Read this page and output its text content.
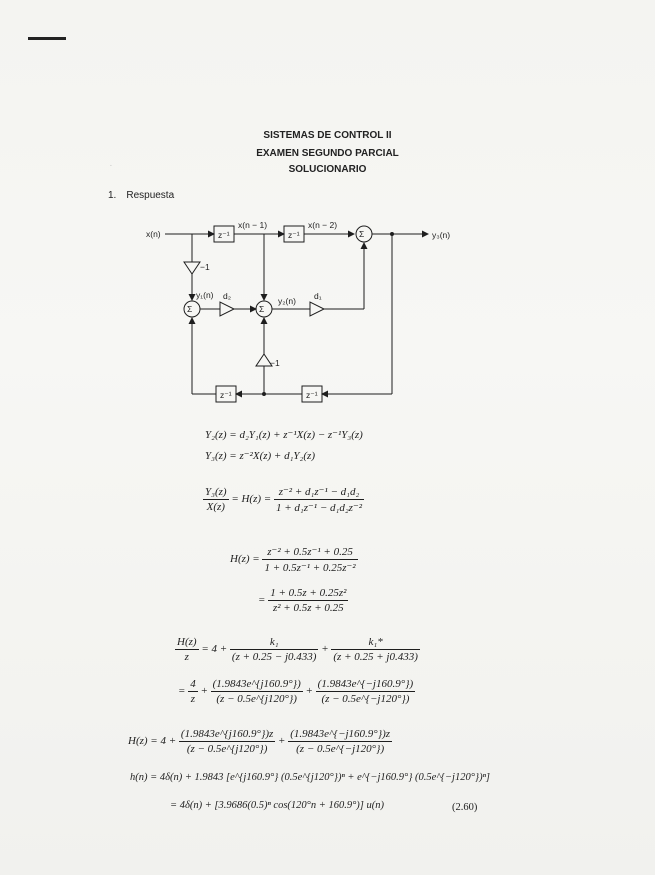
.
SISTEMAS DE CONTROL II
EXAMEN SEGUNDO PARCIAL
SOLUCIONARIO
1. Respuesta
x(n)	z⁻¹
x(n − 1)
z⁻¹
x(n − 2)
Σ	y₃(n)
−1
y₁(n) d₂
Σ	Σ
y₂(n) d₁
−1
z⁻¹
z⁻¹
Y₂(z) = d₂Y₁(z) + z⁻¹X(z) − z⁻¹Y₃(z)
Y₃(z) = z⁻²X(z) + d₁Y₂(z)
$\frac{\text{Y₃(z)}}{X(z)} = H(z) = \frac{\text{z⁻² + d₁z⁻¹ − d₁d₂}}{\text{1 + d₁z⁻¹ − d₁d₂z⁻²}}$
$H(z) = \frac{\text{z⁻² + 0.5z⁻¹ + 0.25}}{\text{1 + 0.5z⁻¹ + 0.25z⁻²}}$
= $\frac{\text{1 + 0.5z + 0.25z²}}{\text{z² + 0.5z + 0.25}}$
$\frac{H(z)}{z} = 4 + \frac{\text{k₁}}{(z + 0.25 - j0.433)} + \frac{\text{k₁*}}{(z + 0.25 + j0.433)}$
= $\frac{4}{z} + \frac{(1.9843e\^{}\{j160.9^\circ\})}{(z - 0.5e\^{}\{j120^\circ\})} + \frac{(1.9843e\^{}\{-j160.9^\circ\})}{(z - 0.5e\^{}\{-j120^\circ\})}$
$H(z) = 4 + \frac{(1.9843e\^{}\{j160.9^\circ\})z}{(z - 0.5e\^{}\{j120^\circ\})} + \frac{(1.9843e\^{}\{-j160.9^\circ\})z}{(z - 0.5e\^{}\{-j120^\circ\})}$
h(n) = 4δ(n) + 1.9843 [e^{j160.9°} (0.5e^{j120°})ⁿ + e^{−j160.9°} (0.5e^{−j120°})ⁿ]
= 4δ(n) + [3.9686(0.5)ⁿ cos(120°n + 160.9°)] u(n)	(2.60)
